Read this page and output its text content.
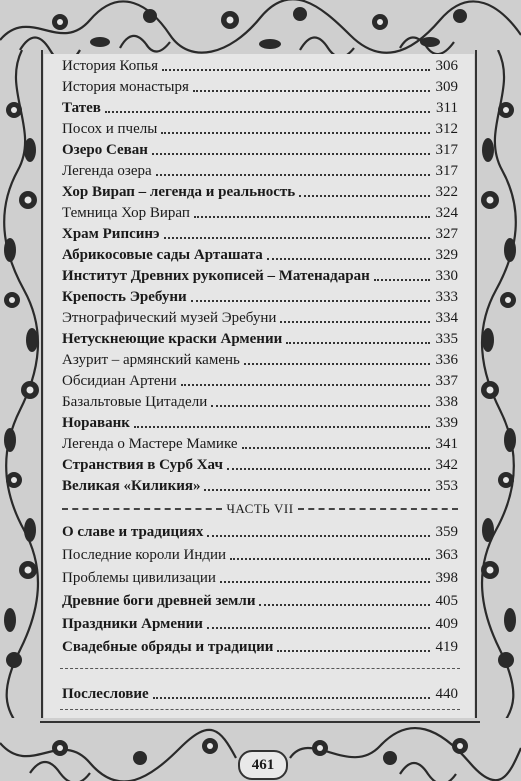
История Копья	306
История монастыря	309
Татев	311
Посох и пчелы	312
Озеро Севан	317
Легенда озера	317
Хор Вирап – легенда и реальность	322
Темница Хор Вирап	324
Храм Рипсинэ	327
Абрикосовые сады Арташата	329
Институт Древних рукописей – Матенадаран	330
Крепость Эребуни	333
Этнографический музей Эребуни	334
Нетускнеющие краски Армении	335
Азурит – армянский камень	336
Обсидиан Артени	337
Базальтовые Цитадели	338
Нораванк	339
Легенда о Мастере Мамике	341
Странствия в Сурб Хач	342
Великая «Киликия»	353
ЧАСТЬ VII
О славе и традициях	359
Последние короли Индии	363
Проблемы цивилизации	398
Древние боги древней земли	405
Праздники Армении	409
Свадебные обряды и традиции	419
Послесловие	440
461
